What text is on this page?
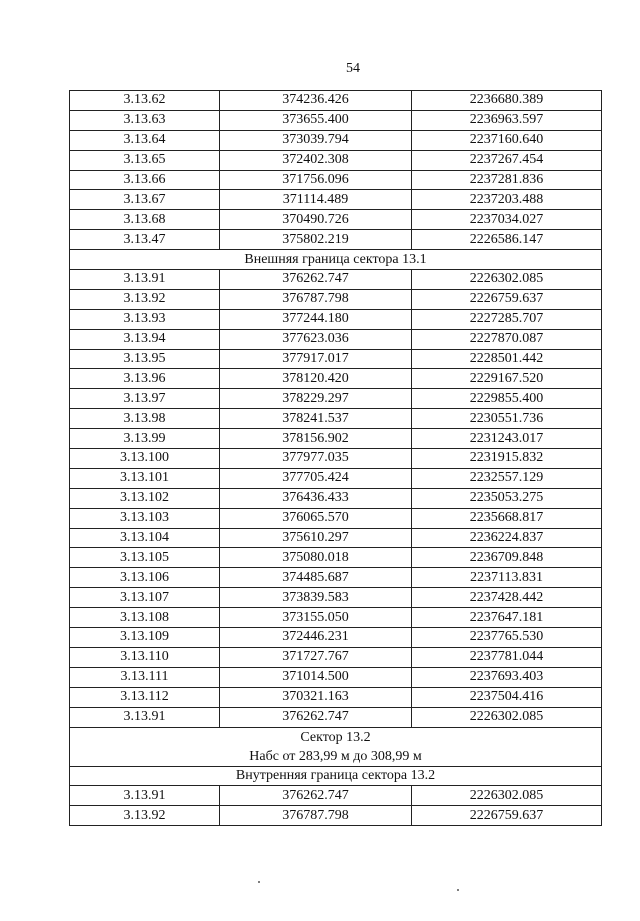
54
3.13.62	374236.426	2236680.389
3.13.63	373655.400	2236963.597
3.13.64	373039.794	2237160.640
3.13.65	372402.308	2237267.454
3.13.66	371756.096	2237281.836
3.13.67	371114.489	2237203.488
3.13.68	370490.726	2237034.027
3.13.47	375802.219	2226586.147
Внешняя граница сектора 13.1		
3.13.91	376262.747	2226302.085
3.13.92	376787.798	2226759.637
3.13.93	377244.180	2227285.707
3.13.94	377623.036	2227870.087
3.13.95	377917.017	2228501.442
3.13.96	378120.420	2229167.520
3.13.97	378229.297	2229855.400
3.13.98	378241.537	2230551.736
3.13.99	378156.902	2231243.017
3.13.100	377977.035	2231915.832
3.13.101	377705.424	2232557.129
3.13.102	376436.433	2235053.275
3.13.103	376065.570	2235668.817
3.13.104	375610.297	2236224.837
3.13.105	375080.018	2236709.848
3.13.106	374485.687	2237113.831
3.13.107	373839.583	2237428.442
3.13.108	373155.050	2237647.181
3.13.109	372446.231	2237765.530
3.13.110	371727.767	2237781.044
3.13.111	371014.500	2237693.403
3.13.112	370321.163	2237504.416
3.13.91	376262.747	2226302.085

Сектор 13.2
Набс от 283,99 м до 308,99 м		

Внутренняя граница сектора 13.2		
3.13.91	376262.747	2226302.085
3.13.92	376787.798	2226759.637
